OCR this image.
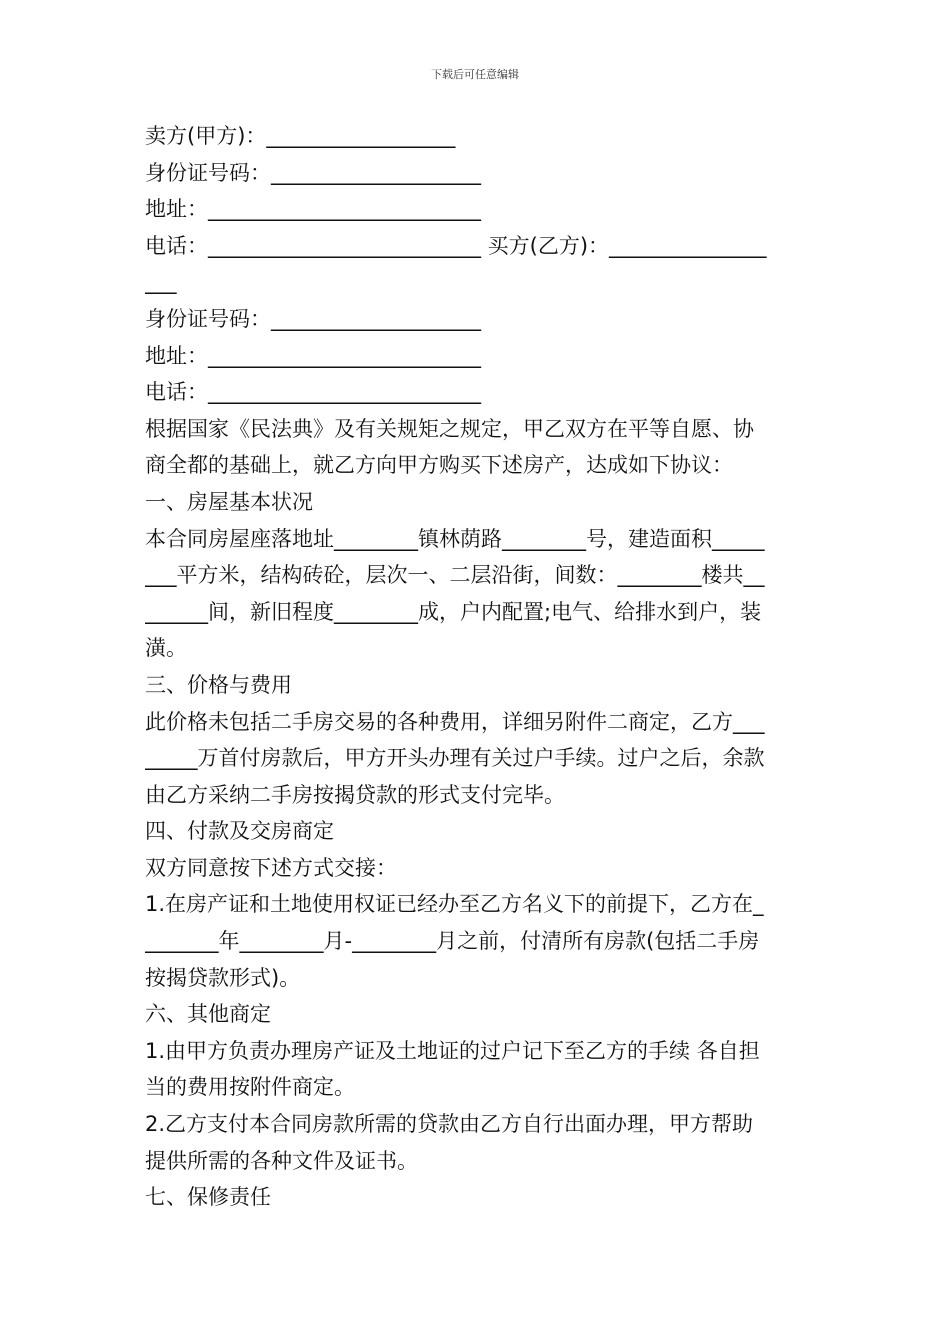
下载后可任意编辑
卖方(甲方)：__________________
身份证号码：____________________
地址：__________________________
电话：__________________________ 买方(乙方)：_______________
___
身份证号码：____________________
地址：__________________________
电话：__________________________
根据国家《民法典》及有关规矩之规定，甲乙双方在平等自愿、协
商全都的基础上，就乙方向甲方购买下述房产，达成如下协议：
一、房屋基本状况
本合同房屋座落地址________镇林荫路________号，建造面积_____
___平方米，结构砖砼，层次一、二层沿街，间数：________楼共__
______间，新旧程度________成，户内配置;电气、给排水到户，装
潢。
三、价格与费用
此价格未包括二手房交易的各种费用，详细另附件二商定，乙方___
_____万首付房款后，甲方开头办理有关过户手续。过户之后，余款
由乙方采纳二手房按揭贷款的形式支付完毕。
四、付款及交房商定
双方同意按下述方式交接：
1.在房产证和土地使用权证已经办至乙方名义下的前提下，乙方在_
_______年________月-________月之前，付清所有房款(包括二手房
按揭贷款形式)。
六、其他商定
1.由甲方负责办理房产证及土地证的过户记下至乙方的手续 各自担
当的费用按附件商定。
2.乙方支付本合同房款所需的贷款由乙方自行出面办理，甲方帮助
提供所需的各种文件及证书。
七、保修责任
